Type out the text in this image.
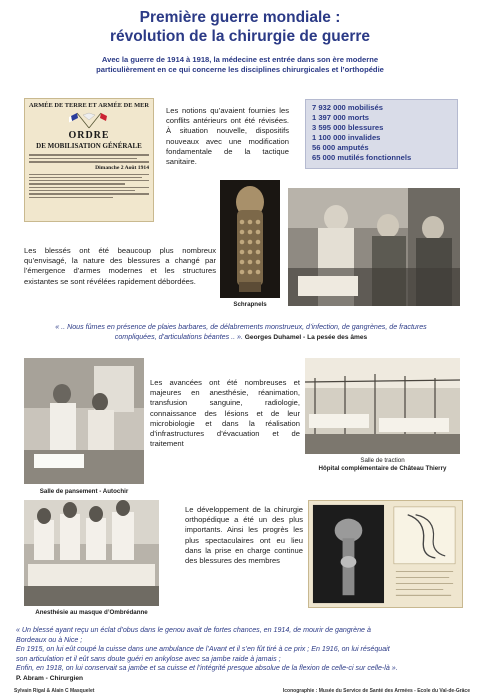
Première guerre mondiale :
révolution de la chirurgie de guerre
Avec la guerre de 1914 à 1918, la médecine est entrée dans son ère moderne
particulièrement en ce qui concerne les disciplines chirurgicales et l’orthopédie
ARMÉE DE TERRE ET ARMÉE DE MER
ORDRE
DE MOBILISATION GÉNÉRALE
Dimanche 2 Août 1914
Les notions qu’avaient fournies les conflits antérieurs ont été révisées. À situation nouvelle, dispositifs nouveaux avec une modification fondamentale de la tactique sanitaire.
7 932 000 mobilisés
1 397 000 morts
3 595 000 blessures
1 100 000 invalides
56 000 amputés
65 000 mutilés fonctionnels
Schrapnels
Les blessés ont été beaucoup plus nombreux qu’envisagé, la nature des blessures a changé par l’émergence d’armes modernes et les structures existantes se sont révélées rapidement débordées.
« .. Nous fûmes en présence de plaies barbares, de délabrements monstrueux, d’infection, de gangrènes, de fractures
compliquées, d’articulations béantes .. ». Georges Duhamel - La pesée des âmes
Salle de pansement - Autochir
Les avancées ont été nombreuses et majeures en anesthésie, réanimation, transfusion sanguine, radiologie, connaissance des lésions et de leur microbiologie et dans la réalisation d’infrastructures d’évacuation et de traitement
Salle de traction
Hôpital complémentaire de Château Thierry
Anesthésie au masque d’Ombrédanne
Le développement de la chirurgie orthopédique a été un des plus importants. Ainsi les progrès les plus spectaculaires ont eu lieu dans la prise en charge continue des blessures des membres
« Un blessé ayant reçu un éclat d’obus dans le genou avait de fortes chances, en 1914, de mourir de gangrène à
Bordeaux ou à Nice ;
En 1915, on lui eût coupé la cuisse dans une ambulance de l’Avant et il s’en fût tiré à ce prix ; En 1916, on lui réséquait
son articulation et il eût sans doute guéri en ankylose avec sa jambe raide à jamais ;
Enfin, en 1918, on lui conservait sa jambe et sa cuisse et l’intégrité presque absolue de la flexion de celle-ci sur celle-là ».
P. Abram - Chirurgien
Sylvain Rigal & Alain C Masquelet	Iconographie : Musée du Service de Santé des Armées - Ecole du Val-de-Grâce
